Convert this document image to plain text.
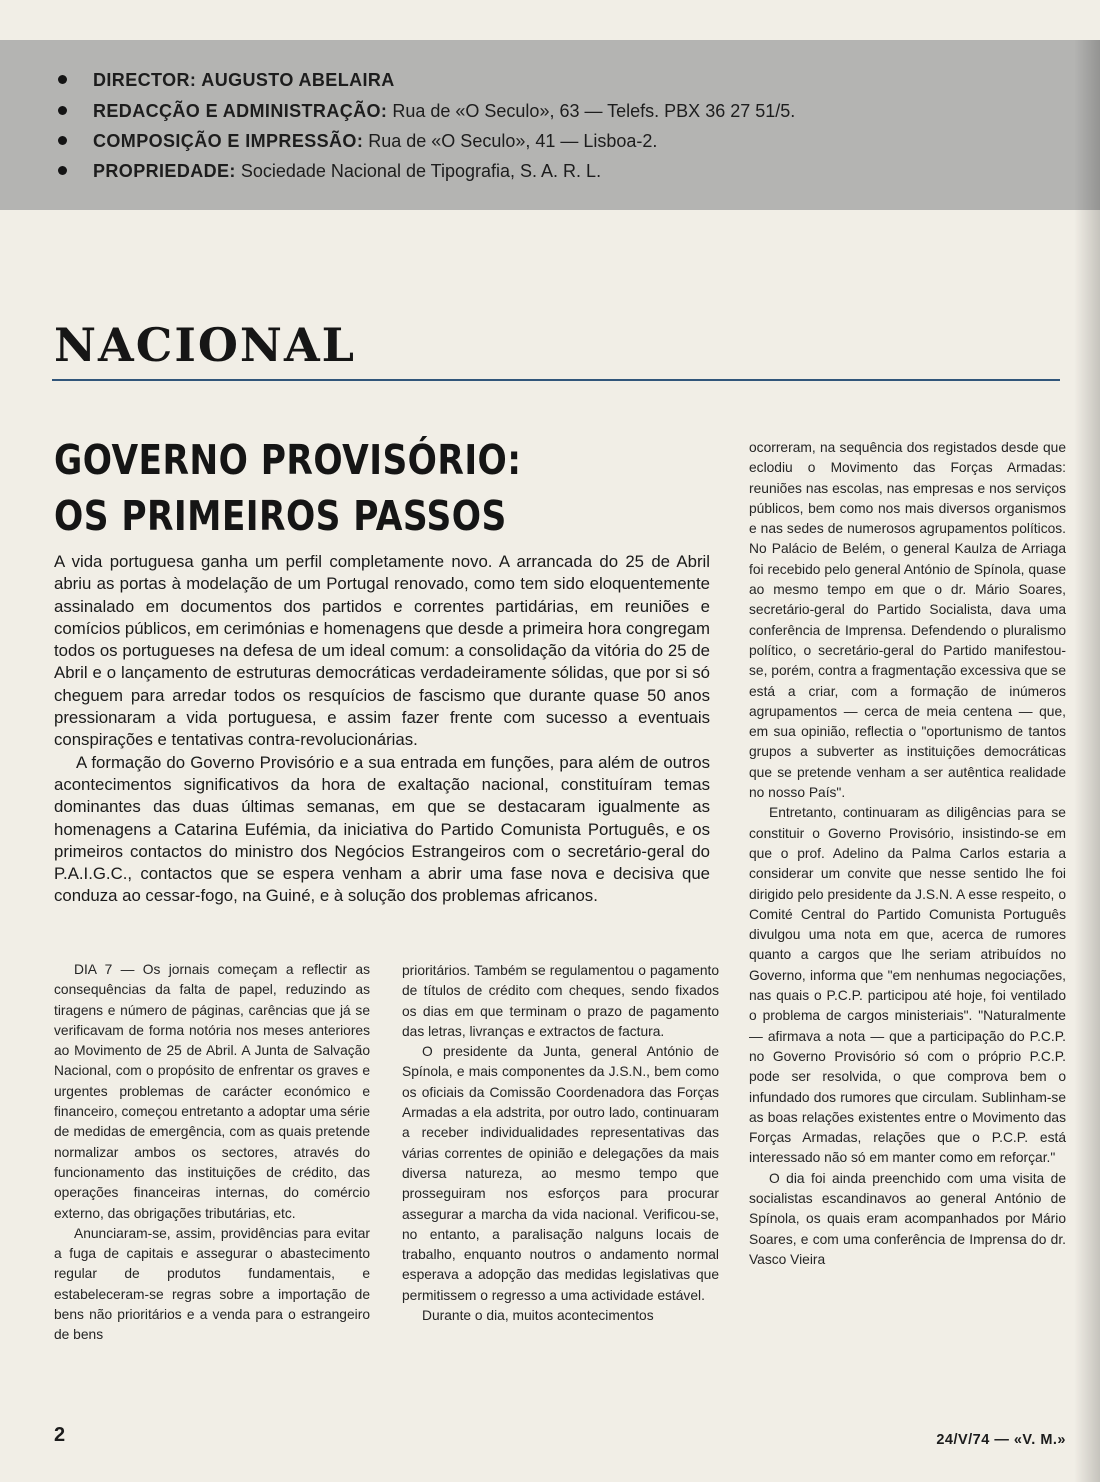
DIRECTOR: AUGUSTO ABELAIRA
REDACÇÃO E ADMINISTRAÇÃO: Rua de «O Seculo», 63 — Telefs. PBX 36 27 51/5.
COMPOSIÇÃO E IMPRESSÃO: Rua de «O Seculo», 41 — Lisboa-2.
PROPRIEDADE: Sociedade Nacional de Tipografia, S. A. R. L.
NACIONAL
GOVERNO PROVISÓRIO:
OS PRIMEIROS PASSOS

A vida portuguesa ganha um perfil completamente novo. A arrancada do 25 de Abril abriu as portas à modelação de um Portugal renovado, como tem sido eloquentemente assinalado em documentos dos partidos e correntes partidárias, em reuniões e comícios públicos, em cerimónias e homenagens que desde a primeira hora congregam todos os portugueses na defesa de um ideal comum: a consolidação da vitória do 25 de Abril e o lançamento de estruturas democráticas verdadeiramente sólidas, que por si só cheguem para arredar todos os resquícios de fascismo que durante quase 50 anos pressionaram a vida portuguesa, e assim fazer frente com sucesso a eventuais conspirações e tentativas contra-revolucionárias.

A formação do Governo Provisório e a sua entrada em funções, para além de outros acontecimentos significativos da hora de exaltação nacional, constituíram temas dominantes das duas últimas semanas, em que se destacaram igualmente as homenagens a Catarina Eufémia, da iniciativa do Partido Comunista Português, e os primeiros contactos do ministro dos Negócios Estrangeiros com o secretário-geral do P.A.I.G.C., contactos que se espera venham a abrir uma fase nova e decisiva que conduza ao cessar-fogo, na Guiné, e à solução dos problemas africanos.

DIA 7 — Os jornais começam a reflectir as consequências da falta de papel, reduzindo as tiragens e número de páginas, carências que já se verificavam de forma notória nos meses anteriores ao Movimento de 25 de Abril. A Junta de Salvação Nacional, com o propósito de enfrentar os graves e urgentes problemas de carácter económico e financeiro, começou entretanto a adoptar uma série de medidas de emergência, com as quais pretende normalizar ambos os sectores, através do funcionamento das instituições de crédito, das operações financeiras internas, do comércio externo, das obrigações tributárias, etc.

Anunciaram-se, assim, providências para evitar a fuga de capitais e assegurar o abastecimento regular de produtos fundamentais, e estabeleceram-se regras sobre a importação de bens não prioritários e a venda para o estrangeiro de bens

prioritários. Também se regulamentou o pagamento de títulos de crédito com cheques, sendo fixados os dias em que terminam o prazo de pagamento das letras, livranças e extractos de factura.

O presidente da Junta, general António de Spínola, e mais componentes da J.S.N., bem como os oficiais da Comissão Coordenadora das Forças Armadas a ela adstrita, por outro lado, continuaram a receber individualidades representativas das várias correntes de opinião e delegações da mais diversa natureza, ao mesmo tempo que prosseguiram nos esforços para procurar assegurar a marcha da vida nacional. Verificou-se, no entanto, a paralisação nalguns locais de trabalho, enquanto noutros o andamento normal esperava a adopção das medidas legislativas que permitissem o regresso a uma actividade estável.

Durante o dia, muitos acontecimentos

ocorreram, na sequência dos registados desde que eclodiu o Movimento das Forças Armadas: reuniões nas escolas, nas empresas e nos serviços públicos, bem como nos mais diversos organismos e nas sedes de numerosos agrupamentos políticos. No Palácio de Belém, o general Kaulza de Arriaga foi recebido pelo general António de Spínola, quase ao mesmo tempo em que o dr. Mário Soares, secretário-geral do Partido Socialista, dava uma conferência de Imprensa. Defendendo o pluralismo político, o secretário-geral do Partido manifestou-se, porém, contra a fragmentação excessiva que se está a criar, com a formação de inúmeros agrupamentos — cerca de meia centena — que, em sua opinião, reflectia o "oportunismo de tantos grupos a subverter as instituições democráticas que se pretende venham a ser autêntica realidade no nosso País".

Entretanto, continuaram as diligências para se constituir o Governo Provisório, insistindo-se em que o prof. Adelino da Palma Carlos estaria a considerar um convite que nesse sentido lhe foi dirigido pelo presidente da J.S.N. A esse respeito, o Comité Central do Partido Comunista Português divulgou uma nota em que, acerca de rumores quanto a cargos que lhe seriam atribuídos no Governo, informa que "em nenhumas negociações, nas quais o P.C.P. participou até hoje, foi ventilado o problema de cargos ministeriais". "Naturalmente — afirmava a nota — que a participação do P.C.P. no Governo Provisório só com o próprio P.C.P. pode ser resolvida, o que comprova bem o infundado dos rumores que circulam. Sublinham-se as boas relações existentes entre o Movimento das Forças Armadas, relações que o P.C.P. está interessado não só em manter como em reforçar."

O dia foi ainda preenchido com uma visita de socialistas escandinavos ao general António de Spínola, os quais eram acompanhados por Mário Soares, e com uma conferência de Imprensa do dr. Vasco Vieira

2	24/V/74 — «V. M.»
